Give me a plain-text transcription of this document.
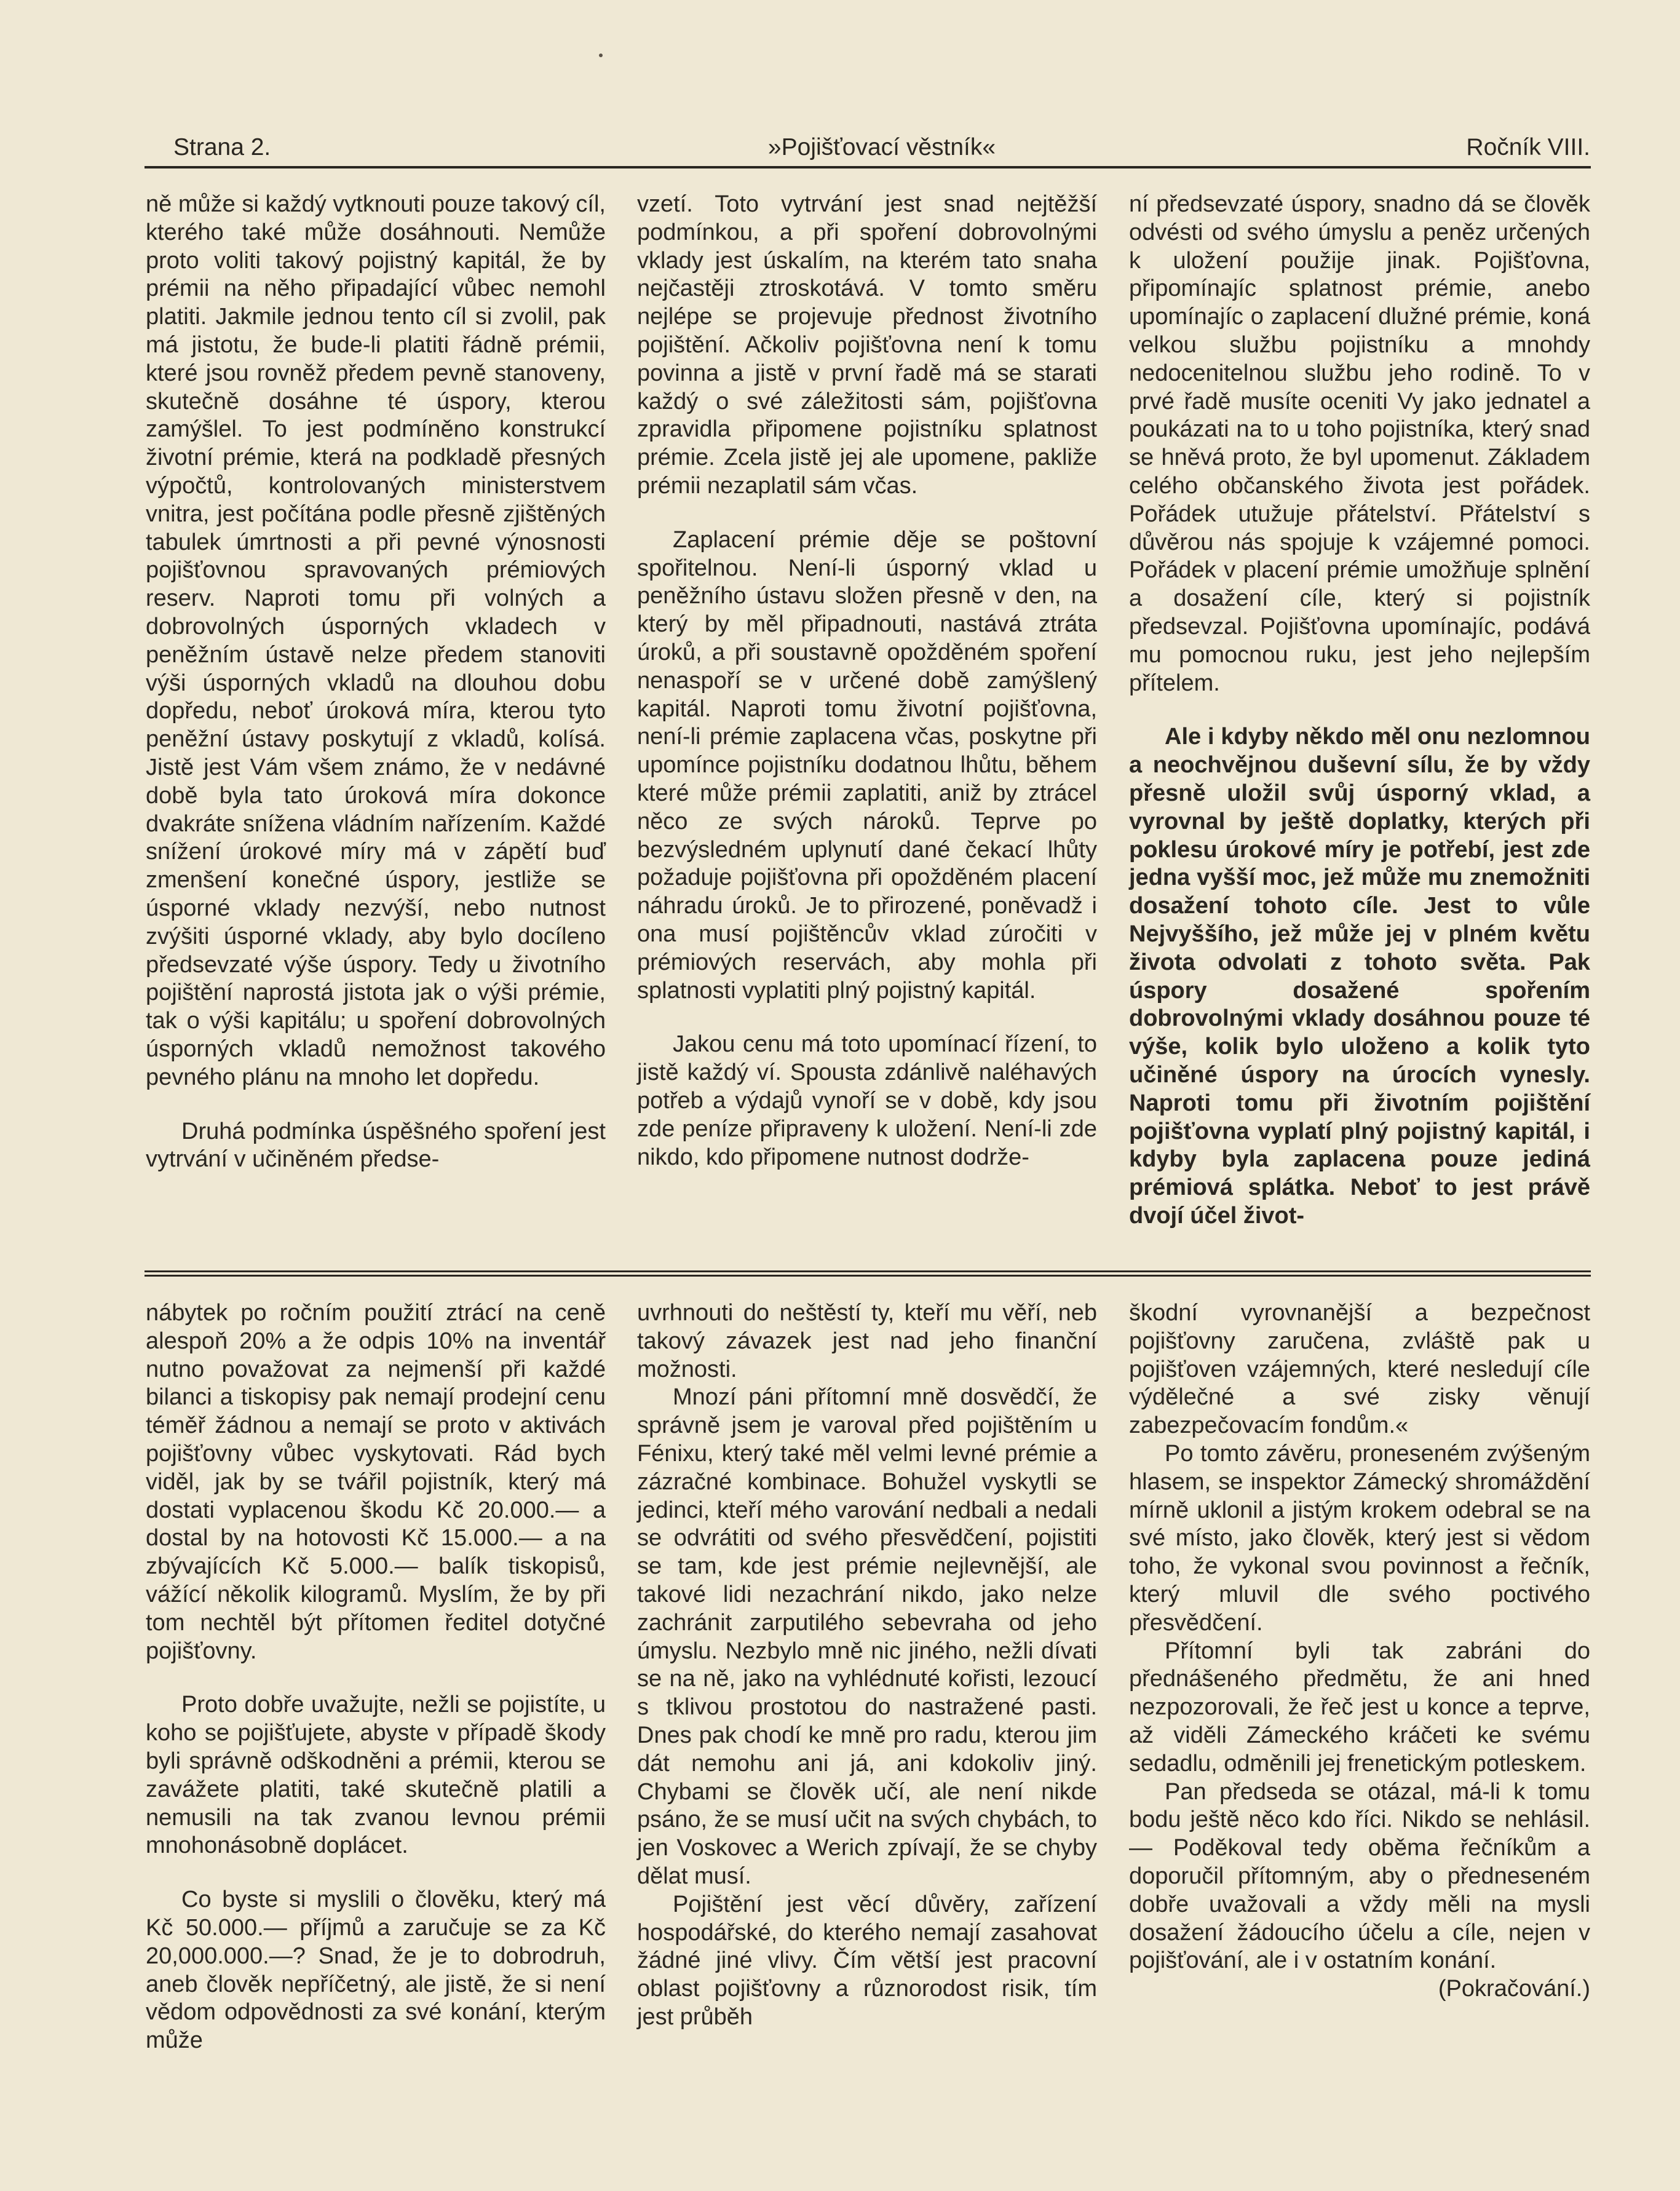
Strana 2.	»Pojišťovací věstník«	Ročník VIII.

ně může si každý vytknouti pouze takový cíl, kterého také může dosáhnouti. Nemůže proto voliti takový pojistný kapitál, že by prémii na něho připadající vůbec nemohl platiti. Jakmile jednou tento cíl si zvolil, pak má jistotu, že bude-li platiti řádně prémii, které jsou rovněž předem pevně stanoveny, skutečně dosáhne té úspory, kterou zamýšlel. To jest podmíněno konstrukcí životní prémie, která na podkladě přesných výpočtů, kontrolovaných ministerstvem vnitra, jest počítána podle přesně zjištěných tabulek úmrtnosti a při pevné výnosnosti pojišťovnou spravovaných prémiových reserv. Naproti tomu při volných a dobrovolných úsporných vkladech v peněžním ústavě nelze předem stanoviti výši úsporných vkladů na dlouhou dobu dopředu, neboť úroková míra, kterou tyto peněžní ústavy poskytují z vkladů, kolísá. Jistě jest Vám všem známo, že v nedávné době byla tato úroková míra dokonce dvakráte snížena vládním nařízením. Každé snížení úrokové míry má v zápětí buď zmenšení konečné úspory, jestliže se úsporné vklady nezvýší, nebo nutnost zvýšiti úsporné vklady, aby bylo docíleno předsevzaté výše úspory. Tedy u životního pojištění naprostá jistota jak o výši prémie, tak o výši kapitálu; u spoření dobrovolných úsporných vkladů nemožnost takového pevného plánu na mnoho let dopředu.

Druhá podmínka úspěšného spoření jest vytrvání v učiněném předse-

vzetí. Toto vytrvání jest snad nejtěžší podmínkou, a při spoření dobrovolnými vklady jest úskalím, na kterém tato snaha nejčastěji ztroskotává. V tomto směru nejlépe se projevuje přednost životního pojištění. Ačkoliv pojišťovna není k tomu povinna a jistě v první řadě má se starati každý o své záležitosti sám, pojišťovna zpravidla připomene pojistníku splatnost prémie. Zcela jistě jej ale upomene, pakliže prémii nezaplatil sám včas.

Zaplacení prémie děje se poštovní spořitelnou. Není-li úsporný vklad u peněžního ústavu složen přesně v den, na který by měl připadnouti, nastává ztráta úroků, a při soustavně opožděném spoření nenaspoří se v určené době zamýšlený kapitál. Naproti tomu životní pojišťovna, není-li prémie zaplacena včas, poskytne při upomínce pojistníku dodatnou lhůtu, během které může prémii zaplatiti, aniž by ztrácel něco ze svých nároků. Teprve po bezvýsledném uplynutí dané čekací lhůty požaduje pojišťovna při opožděném placení náhradu úroků. Je to přirozené, poněvadž i ona musí pojištěncův vklad zúročiti v prémiových reservách, aby mohla při splatnosti vyplatiti plný pojistný kapitál.

Jakou cenu má toto upomínací řízení, to jistě každý ví. Spousta zdánlivě naléhavých potřeb a výdajů vynoří se v době, kdy jsou zde peníze připraveny k uložení. Není-li zde nikdo, kdo připomene nutnost dodrže-

ní předsevzaté úspory, snadno dá se člověk odvésti od svého úmyslu a peněz určených k uložení použije jinak. Pojišťovna, připomínajíc splatnost prémie, anebo upomínajíc o zaplacení dlužné prémie, koná velkou službu pojistníku a mnohdy nedocenitelnou službu jeho rodině. To v prvé řadě musíte oceniti Vy jako jednatel a poukázati na to u toho pojistníka, který snad se hněvá proto, že byl upomenut. Základem celého občanského života jest pořádek. Pořádek utužuje přátelství. Přátelství s důvěrou nás spojuje k vzájemné pomoci. Pořádek v placení prémie umožňuje splnění a dosažení cíle, který si pojistník předsevzal. Pojišťovna upomínajíc, podává mu pomocnou ruku, jest jeho nejlepším přítelem.

Ale i kdyby někdo měl onu nezlomnou a neochvějnou duševní sílu, že by vždy přesně uložil svůj úsporný vklad, a vyrovnal by ještě doplatky, kterých při poklesu úrokové míry je potřebí, jest zde jedna vyšší moc, jež může mu znemožniti dosažení tohoto cíle. Jest to vůle Nejvyššího, jež může jej v plném květu života odvolati z tohoto světa. Pak úspory dosažené spořením dobrovolnými vklady dosáhnou pouze té výše, kolik bylo uloženo a kolik tyto učiněné úspory na úrocích vynesly. Naproti tomu při životním pojištění pojišťovna vyplatí plný pojistný kapitál, i kdyby byla zaplacena pouze jediná prémiová splátka. Neboť to jest právě dvojí účel život-

nábytek po ročním použití ztrácí na ceně alespoň 20% a že odpis 10% na inventář nutno považovat za nejmenší při každé bilanci a tiskopisy pak nemají prodejní cenu téměř žádnou a nemají se proto v aktivách pojišťovny vůbec vyskytovati. Rád bych viděl, jak by se tvářil pojistník, který má dostati vyplacenou škodu Kč 20.000.— a dostal by na hotovosti Kč 15.000.— a na zbývajících Kč 5.000.— balík tiskopisů, vážící několik kilogramů. Myslím, že by při tom nechtěl být přítomen ředitel dotyčné pojišťovny.

Proto dobře uvažujte, nežli se pojistíte, u koho se pojišťujete, abyste v případě škody byli správně odškodněni a prémii, kterou se zavážete platiti, také skutečně platili a nemusili na tak zvanou levnou prémii mnohonásobně doplácet.

Co byste si myslili o člověku, který má Kč 50.000.— příjmů a zaručuje se za Kč 20,000.000.—? Snad, že je to dobrodruh, aneb člověk nepříčetný, ale jistě, že si není vědom odpovědnosti za své konání, kterým může

uvrhnouti do neštěstí ty, kteří mu věří, neb takový závazek jest nad jeho finanční možnosti.

Mnozí páni přítomní mně dosvědčí, že správně jsem je varoval před pojištěním u Fénixu, který také měl velmi levné prémie a zázračné kombinace. Bohužel vyskytli se jedinci, kteří mého varování nedbali a nedali se odvrátiti od svého přesvědčení, pojistiti se tam, kde jest prémie nejlevnější, ale takové lidi nezachrání nikdo, jako nelze zachránit zarputilého sebevraha od jeho úmyslu. Nezbylo mně nic jiného, nežli dívati se na ně, jako na vyhlédnuté kořisti, lezoucí s tklivou prostotou do nastražené pasti. Dnes pak chodí ke mně pro radu, kterou jim dát nemohu ani já, ani kdokoliv jiný. Chybami se člověk učí, ale není nikde psáno, že se musí učit na svých chybách, to jen Voskovec a Werich zpívají, že se chyby dělat musí.

Pojištění jest věcí důvěry, zařízení hospodářské, do kterého nemají zasahovat žádné jiné vlivy. Čím větší jest pracovní oblast pojišťovny a různorodost risik, tím jest průběh

škodní vyrovnanější a bezpečnost pojišťovny zaručena, zvláště pak u pojišťoven vzájemných, které nesledují cíle výdělečné a své zisky věnují zabezpečovacím fondům.«

Po tomto závěru, proneseném zvýšeným hlasem, se inspektor Zámecký shromáždění mírně uklonil a jistým krokem odebral se na své místo, jako člověk, který jest si vědom toho, že vykonal svou povinnost a řečník, který mluvil dle svého poctivého přesvědčení.

Přítomní byli tak zabráni do přednášeného předmětu, že ani hned nezpozorovali, že řeč jest u konce a teprve, až viděli Zámeckého kráčeti ke svému sedadlu, odměnili jej frenetickým potleskem.

Pan předseda se otázal, má-li k tomu bodu ještě něco kdo říci. Nikdo se nehlásil. — Poděkoval tedy oběma řečníkům a doporučil přítomným, aby o předneseném dobře uvažovali a vždy měli na mysli dosažení žádoucího účelu a cíle, nejen v pojišťování, ale i v ostatním konání.

(Pokračování.)
